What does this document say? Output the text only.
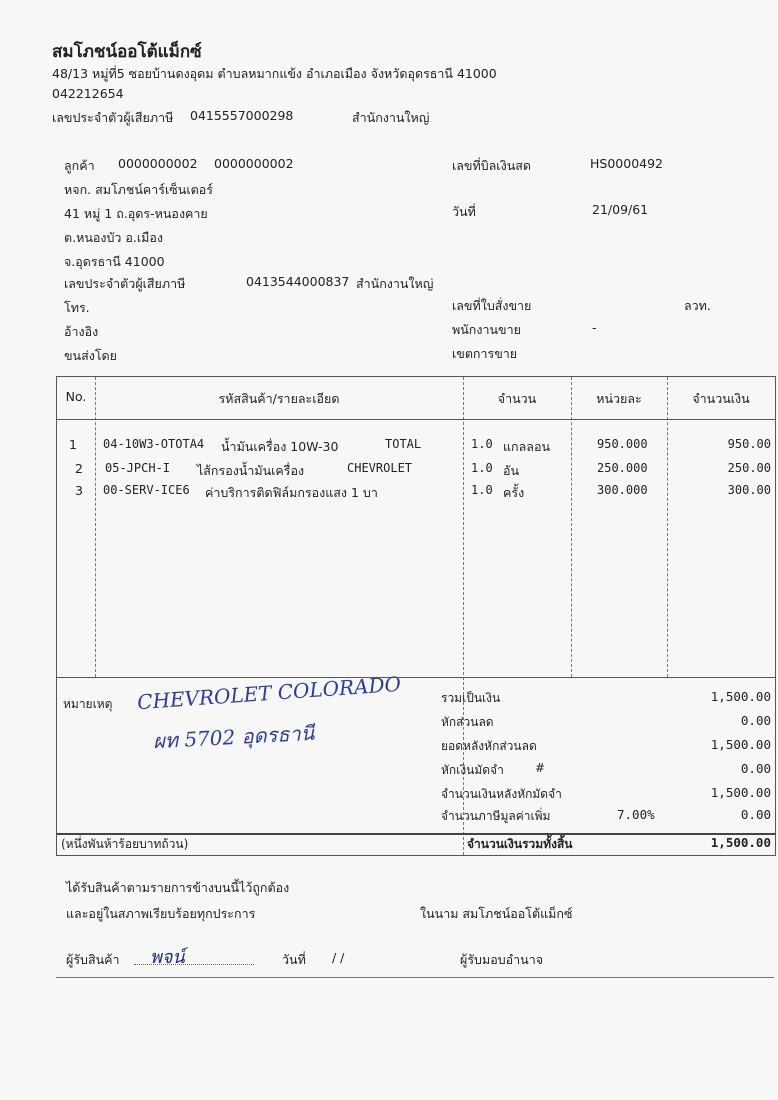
สมโภชน์ออโต้แม็กซ์
48/13 หมู่ที่5 ซอยบ้านดงอุดม ตำบลหมากแข้ง อำเภอเมือง จังหวัดอุดรธานี 41000
042212654
เลขประจำตัวผู้เสียภาษี 0415557000298	สำนักงานใหญ่
ลูกค้า 0000000002 0000000002
หจก. สมโภชน์คาร์เซ็นเตอร์
41 หมู่ 1 ถ.อุดร-หนองคาย
ต.หนองบัว อ.เมือง
จ.อุดรธานี 41000
เลขประจำตัวผู้เสียภาษี	0413544000837 สำนักงานใหญ่
โทร.
อ้างอิง
ขนส่งโดย
เลขที่บิลเงินสด	HS0000492
วันที่	21/09/61
เลขที่ใบสั่งขาย	ลวท.
พนักงานขาย	-
เขตการขาย
No.	รหัสสินค้า/รายละเอียด	จำนวน	หน่วยละ	จำนวนเงิน
1 04-10W3-OTOTA4 น้ำมันเครื่อง 10W-30	TOTAL	1.0 แกลลอน	950.000	950.00
2 05-JPCH-I ไส้กรองน้ำมันเครื่อง	CHEVROLET	1.0 อัน	250.000	250.00
3 00-SERV-ICE6 ค่าบริการติดฟิล์มกรองแสง 1 บา	1.0 ครั้ง	300.000	300.00
หมายเหตุ CHEVROLET COLORADO
ผท 5702 อุดรธานี
รวมเป็นเงิน	1,500.00
หักส่วนลด	0.00
ยอดหลังหักส่วนลด	1,500.00
หักเงินมัดจำ	#	0.00
จำนวนเงินหลังหักมัดจำ	1,500.00
จำนวนภาษีมูลค่าเพิ่ม	7.00%	0.00
จำนวนเงินรวมทั้งสิ้น	1,500.00
(หนึ่งพันห้าร้อยบาทถ้วน)
ได้รับสินค้าตามรายการข้างบนนี้ไว้ถูกต้อง
และอยู่ในสภาพเรียบร้อยทุกประการ	ในนาม สมโภชน์ออโต้แม็กซ์
ผู้รับสินค้า พจน์	วันที่ / /	ผู้รับมอบอำนาจ
